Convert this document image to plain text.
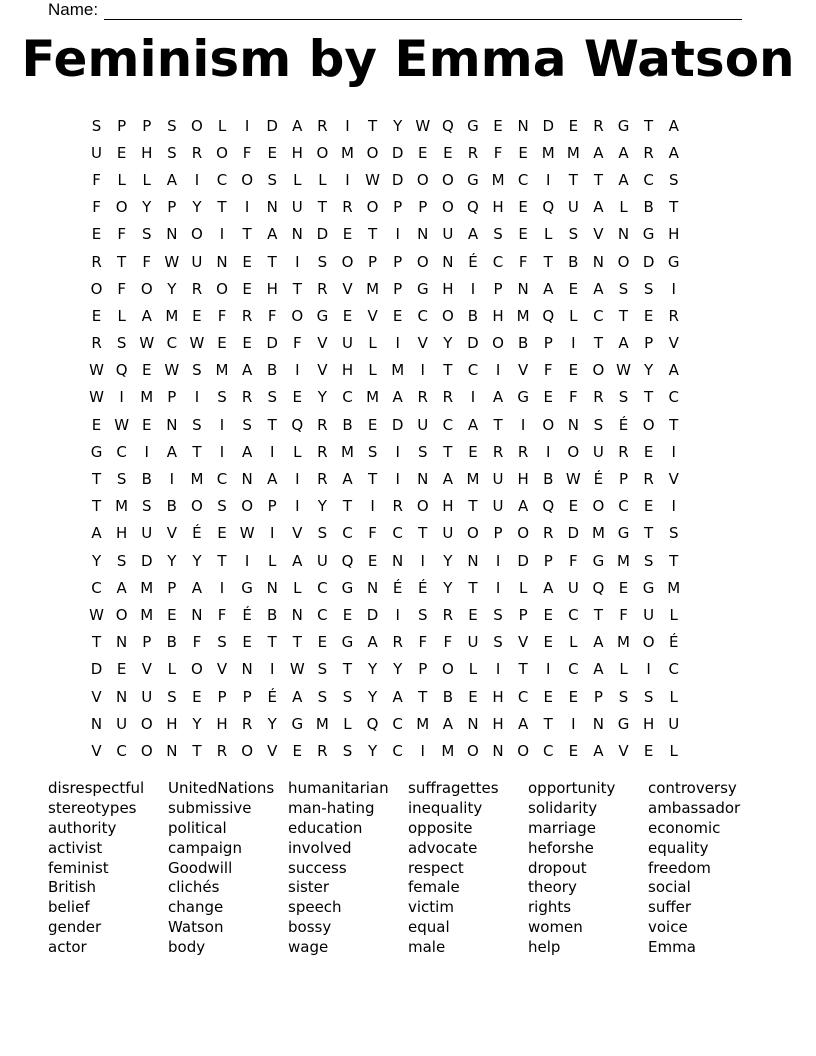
Name:
Feminism by Emma Watson
S	P	P	S O	L	I	D A R	I	T	Y W Q G E N D E	R G T	A
U E H S	R O F	E H O M O D E	E	R	F	E M M A A R A
F	L	L	A	I	C O S	L	L	I	W D O O G M C	I	T	T	A C	S
F O Y	P	Y	T	I	N U	T	R O P	P O Q H E Q U A	L	B	T
E	F	S N O	I	T	A N D E	T	I	N U A	S	E	L	S	V N G H
R	T	F W U N E	T	I	S O P	P O N É	C	F	T	B N O D G
O F O Y	R O E H T	R V M P G H	I	P N A	E	A	S	S	I
E	L	A M E	F	R	F O G E	V	E	C O B H M Q	L	C	T	E	R
R	S W C W E	E D F	V U	L	I	V	Y D O B	P	I	T	A	P	V
W Q E W S M A B	I	V H	L M	I	T	C	I	V	F	E O W Y	A
W	I	M P	I	S	R	S	E	Y	C M A R R	I	A G E	F	R	S	T	C
E W E N S	I	S	T Q R B	E D U C A	T	I	O N S	É O T
G C	I	A	T	I	A	I	L	R M S	I	S	T	E	R R	I	O U R	E	I
T	S	B	I	M C N A	I	R A	T	I	N A M U H B W É	P	R V
T M S	B O S O P	I	Y	T	I	R O H T	U A Q E O C	E	I
A H U V	É	E W	I	V	S	C	F	C	T	U O P O R D M G T	S
Y	S D Y	Y	T	I	L	A U Q E N	I	Y N	I	D P	F G M S	T
C A M P	A	I	G N	L	C G N É	É	Y	T	I	L	A U Q E G M
W O M E N	F	É	B N C	E D	I	S	R	E	S	P	E	C	T	F	U	L
T N P	B	F	S	E	T	T	E G A R	F	F	U S	V	E	L	A M O É
D E	V	L	O V N	I	W S	T	Y	Y	P O	L	I	T	I	C A	L	I	C
V N U S	E	P	P	É	A	S	S	Y	A	T	B	E H C	E	E	P	S	S	L
N U O H Y H R	Y G M L	Q C M A N H A	T	I	N G H U
V C O N T	R O V	E	R	S	Y	C	I	M O N O C	E	A V	E	L
disrespectful
stereotypes
authority
activist
feminist
British
belief
gender
actor
UnitedNations
submissive
political
campaign
Goodwill
clichés
change
Watson
body
humanitarian
man-hating
education
involved
success
sister
speech
bossy
wage
suffragettes
inequality
opposite
advocate
respect
female
victim
equal
male
opportunity
solidarity
marriage
heforshe
dropout
theory
rights
women
help
controversy
ambassador
economic
equality
freedom
social
suffer
voice
Emma
